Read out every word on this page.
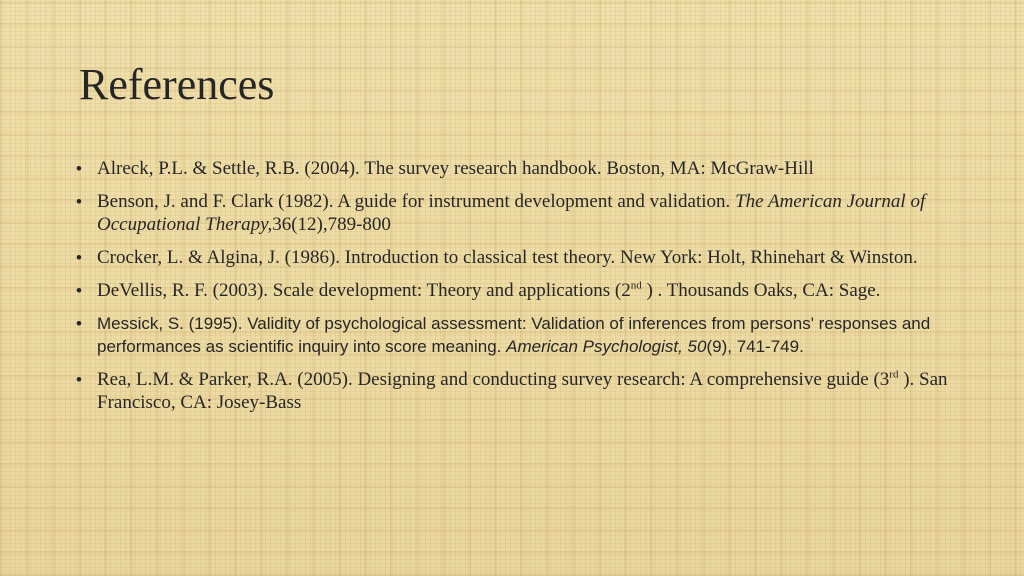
References
• Alreck, P.L. & Settle, R.B. (2004). The survey research handbook. Boston, MA: McGraw-Hill
• Benson, J. and F. Clark (1982). A guide for instrument development and validation. The American Journal of Occupational Therapy,36(12),789-800
• Crocker, L. & Algina, J. (1986). Introduction to classical test theory. New York: Holt, Rhinehart & Winston.
• DeVellis, R. F. (2003). Scale development: Theory and applications (2nd ) . Thousands Oaks, CA: Sage.
• Messick, S. (1995). Validity of psychological assessment: Validation of inferences from persons' responses and performances as scientific inquiry into score meaning. American Psychologist, 50(9), 741-749.
• Rea, L.M. & Parker, R.A. (2005). Designing and conducting survey research: A comprehensive guide (3rd ). San Francisco, CA: Josey-Bass
